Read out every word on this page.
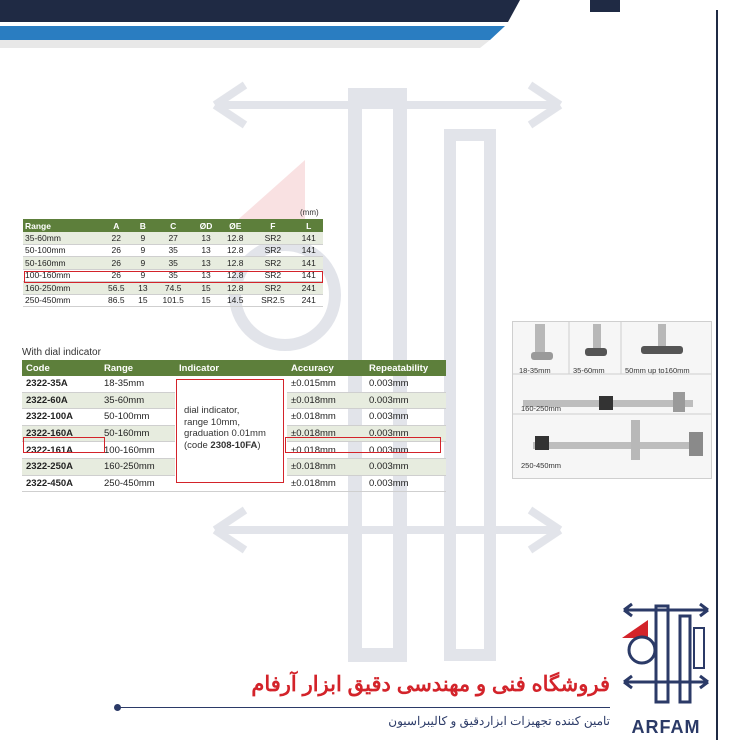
(mm)
Range	A	B	C	ØD	ØE	F	L
35-60mm	22	9	27	13	12.8	SR2	141
50-100mm	26	9	35	13	12.8	SR2	141
50-160mm	26	9	35	13	12.8	SR2	141
100-160mm	26	9	35	13	12.8	SR2	141
160-250mm	56.5	13	74.5	15	12.8	SR2	241
250-450mm	86.5	15	101.5	15	14.5	SR2.5	241
With dial indicator
Code	Range	Indicator	Accuracy	Repeatability
2322-35A	18-35mm		±0.015mm	0.003mm
2322-60A	35-60mm		±0.018mm	0.003mm
2322-100A	50-100mm		±0.018mm	0.003mm
2322-160A	50-160mm		±0.018mm	0.003mm
2322-161A	100-160mm		±0.018mm	0.003mm
2322-250A	160-250mm		±0.018mm	0.003mm
2322-450A	250-450mm		±0.018mm	0.003mm
dial indicator,
range 10mm,
graduation 0.01mm
(code 2308-10FA)
18-35mm	35-60mm	50mm up to160mm
160-250mm
250-450mm
فروشگاه فنی و مهندسی دقیق ابزار آرفام
تامین کننده تجهیزات ابزاردقیق و کالیبراسیون	ARFAM
